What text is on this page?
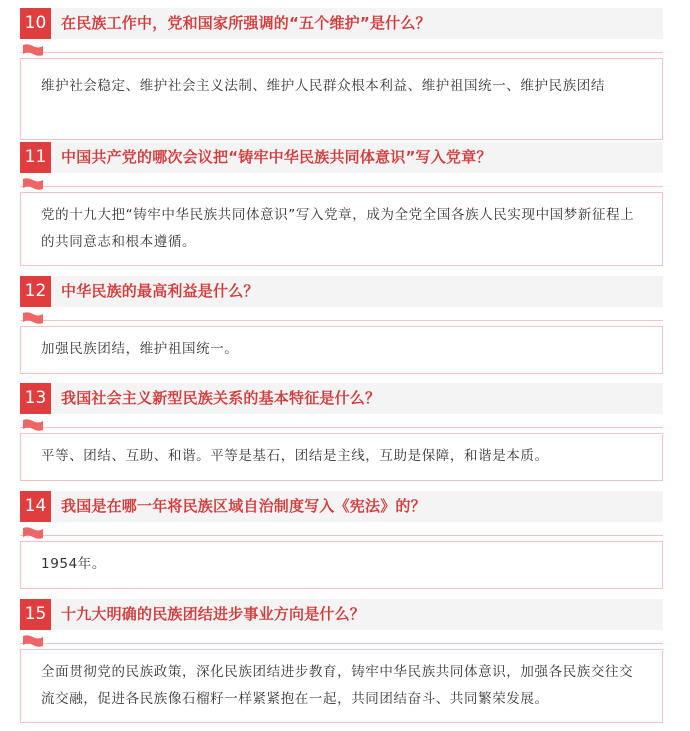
10 在民族工作中，党和国家所强调的“五个维护”是什么？

维护社会稳定、维护社会主义法制、维护人民群众根本利益、维护祖国统一、维护民族团结

11 中国共产党的哪次会议把“铸牢中华民族共同体意识”写入党章？

党的十九大把“铸牢中华民族共同体意识”写入党章，成为全党全国各族人民实现中国梦新征程上的共同意志和根本遵循。

12 中华民族的最高利益是什么？

加强民族团结，维护祖国统一。

13 我国社会主义新型民族关系的基本特征是什么？

平等、团结、互助、和谐。平等是基石，团结是主线，互助是保障，和谐是本质。

14 我国是在哪一年将民族区域自治制度写入《宪法》的？

1954年。

15 十九大明确的民族团结进步事业方向是什么？

全面贯彻党的民族政策，深化民族团结进步教育，铸牢中华民族共同体意识，加强各民族交往交流交融，促进各民族像石榴籽一样紧紧抱在一起，共同团结奋斗、共同繁荣发展。
